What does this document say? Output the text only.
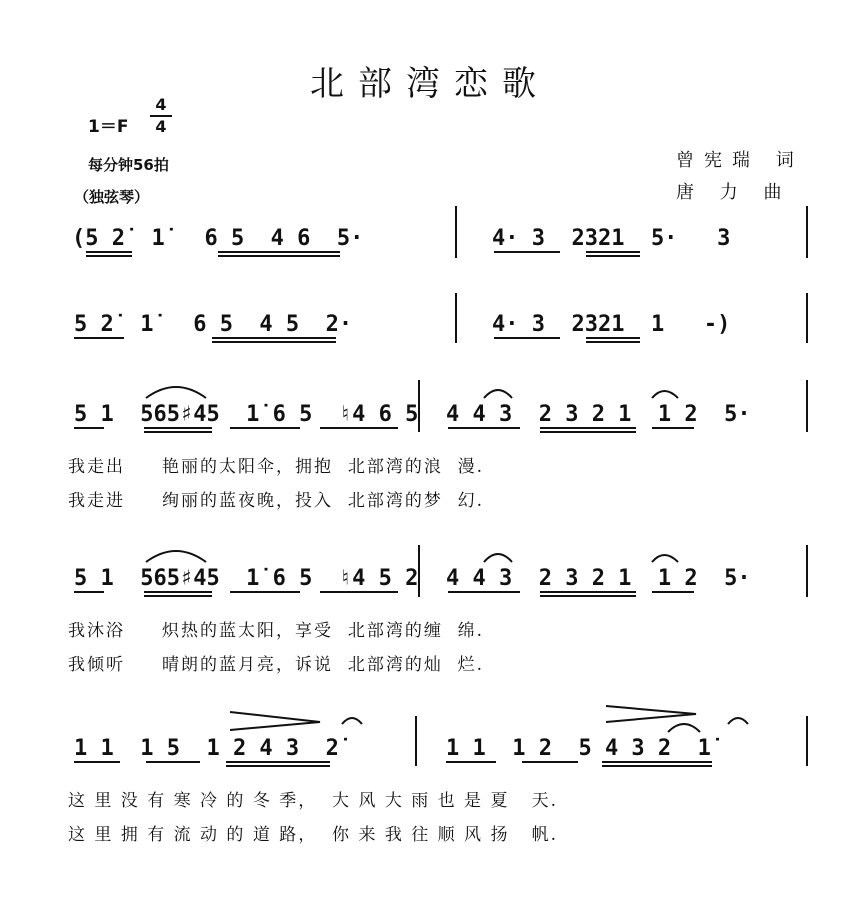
北部湾恋歌
1＝F
4
4
每分钟56拍
（独弦琴）
曾宪瑞 词
唐 力 曲
(5 2̇  1̇   6 5  4 6  5·	4· 3  2321  5·   3
5 2̇  1̇   6 5  4 5  2·	4· 3  2321  1   -)
5 1  565♯45  1̇ 6 5  ♮4 6 5 4 4 3  2 3 2 1  1 2  5·
我走出     艳丽的太阳伞，拥抱  北部湾的浪  漫.
我走进     绚丽的蓝夜晚，投入  北部湾的梦  幻.
5 1  565♯45  1̇ 6 5  ♮4 5 2 4 4 3  2 3 2 1  1 2  5·
我沐浴     炽热的蓝太阳，享受  北部湾的缠  绵.
我倾听     晴朗的蓝月亮，诉说  北部湾的灿  烂.
1 1  1 5  1 2 4 3  2̇	1 1  1 2  5 4 3 2  1̇
这 里 没 有 寒 冷 的 冬 季，  大 风 大 雨 也 是 夏   天.
这 里 拥 有 流 动 的 道 路，  你 来 我 往 顺 风 扬   帆.
